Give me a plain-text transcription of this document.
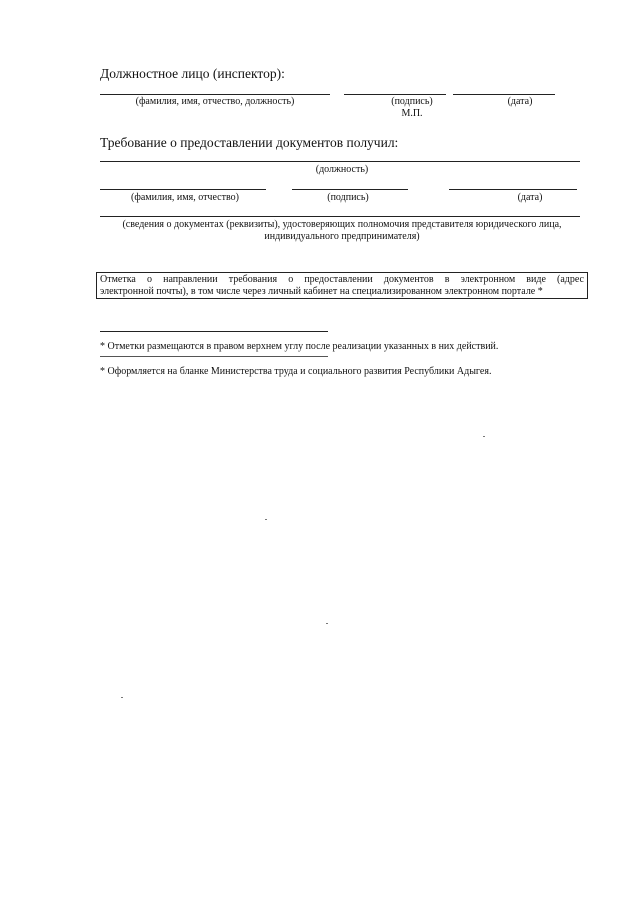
Должностное лицо (инспектор):
(фамилия, имя, отчество, должность)	(подпись)
М.П.
(дата)
Требование о предоставлении документов получил:
(должность)
(фамилия, имя, отчество)	(подпись)	(дата)
(сведения о документах (реквизиты), удостоверяющих полномочия представителя юридического лица,
индивидуального предпринимателя)
Отметка о направлении требования о предоставлении документов в электронном виде (адрес
электронной почты), в том числе через личный кабинет на специализированном электронном портале *
* Отметки размещаются в правом верхнем углу после реализации указанных в них действий.
* Оформляется на бланке Министерства труда и социального развития Республики Адыгея.
